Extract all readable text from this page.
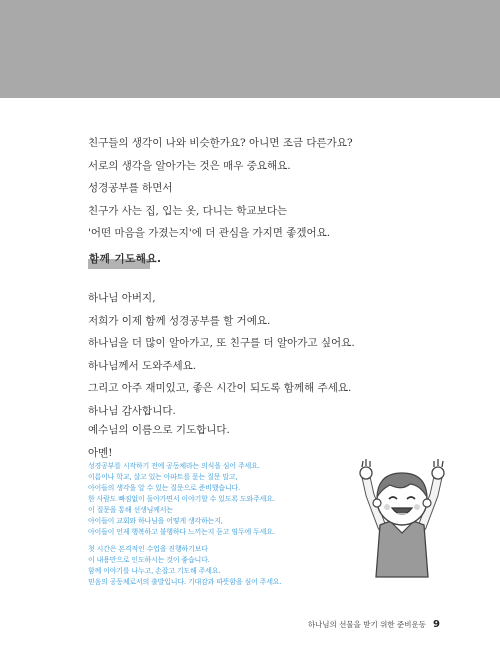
친구들의 생각이 나와 비슷한가요? 아니면 조금 다른가요?
서로의 생각을 알아가는 것은 매우 중요해요.
성경공부를 하면서
친구가 사는 집, 입는 옷, 다니는 학교보다는
'어떤 마음을 가졌는지'에 더 관심을 가지면 좋겠어요.
함께 기도해요.
하나님 아버지,
저희가 이제 함께 성경공부를 할 거예요.
하나님을 더 많이 알아가고, 또 친구를 더 알아가고 싶어요.
하나님께서 도와주세요.
그리고 아주 재미있고, 좋은 시간이 되도록 함께해 주세요.
하나님 감사합니다.
예수님의 이름으로 기도합니다.
아멘!
성경공부를 시작하기 전에 공동체라는 의식을 심어 주세요.
이름이나 학교, 살고 있는 아파트를 묻는 질문 말고,
아이들의 생각을 알 수 있는 질문으로 준비했습니다.
한 사람도 빠짐없이 돌아가면서 이야기할 수 있도록 도와주세요.
이 질문을 통해 선생님께서는
아이들이 교회와 하나님을 어떻게 생각하는지,
아이들이 언제 행복하고 불행하다 느끼는지 듣고 염두에 두세요.
첫 시간은 본격적인 수업을 진행하기보다
이 내용만으로 인도하시는 것이 좋습니다.
함께 이야기를 나누고, 손잡고 기도해 주세요.
믿음의 공동체로서의 출발입니다. 기대감과 따뜻함을 심어 주세요.
하나님의 선물을 받기 위한 준비운동 9
